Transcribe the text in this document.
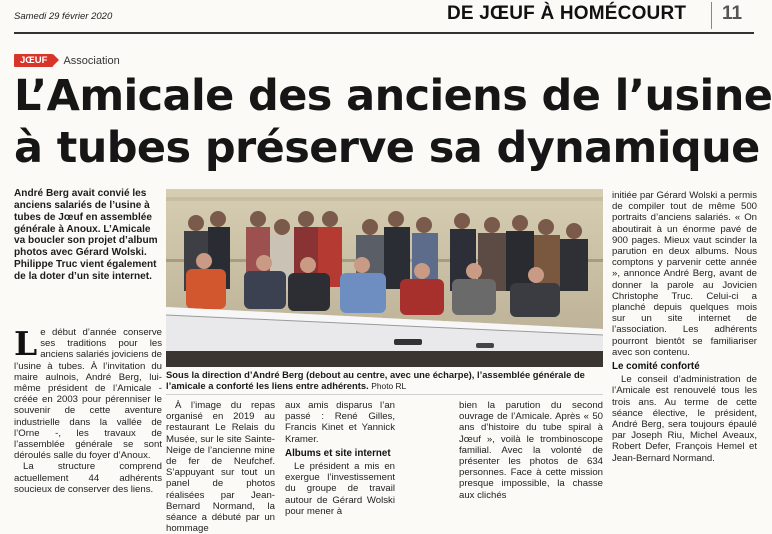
Samedi 29 février 2020	DE JŒUF À HOMÉCOURT 11
JŒUF	Association
L’Amicale des anciens de l’usine
à tubes préserve sa dynamique
André Berg avait convié les anciens salariés de l’usine à tubes de Jœuf en assemblée générale à Anoux. L’Amicale va boucler son projet d’album photos avec Gérard Wolski. Philippe Truc vient également de la doter d’un site internet.

Le début d’année conserve ses traditions pour les anciens salariés joviciens de l’usine à tubes. À l’invitation du maire aulnois, André Berg, lui-même président de l’Amicale - créée en 2003 pour pérenniser le souvenir de cette aventure industrielle dans la vallée de l’Orne -, les travaux de l’assemblée générale se sont déroulés salle du foyer d’Anoux.

La structure comprend actuellement 44 adhérents soucieux de conserver des liens.

Sous la direction d’André Berg (debout au centre, avec une écharpe), l’assemblée générale de l’amicale a conforté les liens entre adhérents. Photo RL

À l’image du repas organisé en 2019 au restaurant Le Relais du Musée, sur le site Sainte-Neige de l’ancienne mine de fer de Neufchef. S’appuyant sur tout un panel de photos réalisées par Jean-Bernard Normand, la séance a débuté par un hommage

aux amis disparus l’an passé : René Gilles, Francis Kinet et Yannick Kramer.

Albums et site internet

Le président a mis en exergue l’investissement du groupe de travail autour de Gérard Wolski pour mener à

bien la parution du second ouvrage de l’Amicale. Après « 50 ans d’histoire du tube spiral à Jœuf », voilà le trombinoscope familial. Avec la volonté de présenter les photos de 634 personnes. Face à cette mission presque impossible, la chasse aux clichés

initiée par Gérard Wolski a permis de compiler tout de même 500 portraits d’anciens salariés. « On aboutirait à un énorme pavé de 900 pages. Mieux vaut scinder la parution en deux albums. Nous comptons y parvenir cette année », annonce André Berg, avant de donner la parole au Jovicien Christophe Truc. Celui-ci a planché depuis quelques mois sur un site internet de l’association. Les adhérents pourront bientôt se familiariser avec son contenu.

Le comité conforté

Le conseil d’administration de l’Amicale est renouvelé tous les trois ans. Au terme de cette séance élective, le président, André Berg, sera toujours épaulé par Joseph Riu, Michel Aveaux, Robert Defer, François Hemel et Jean-Bernard Normand.
